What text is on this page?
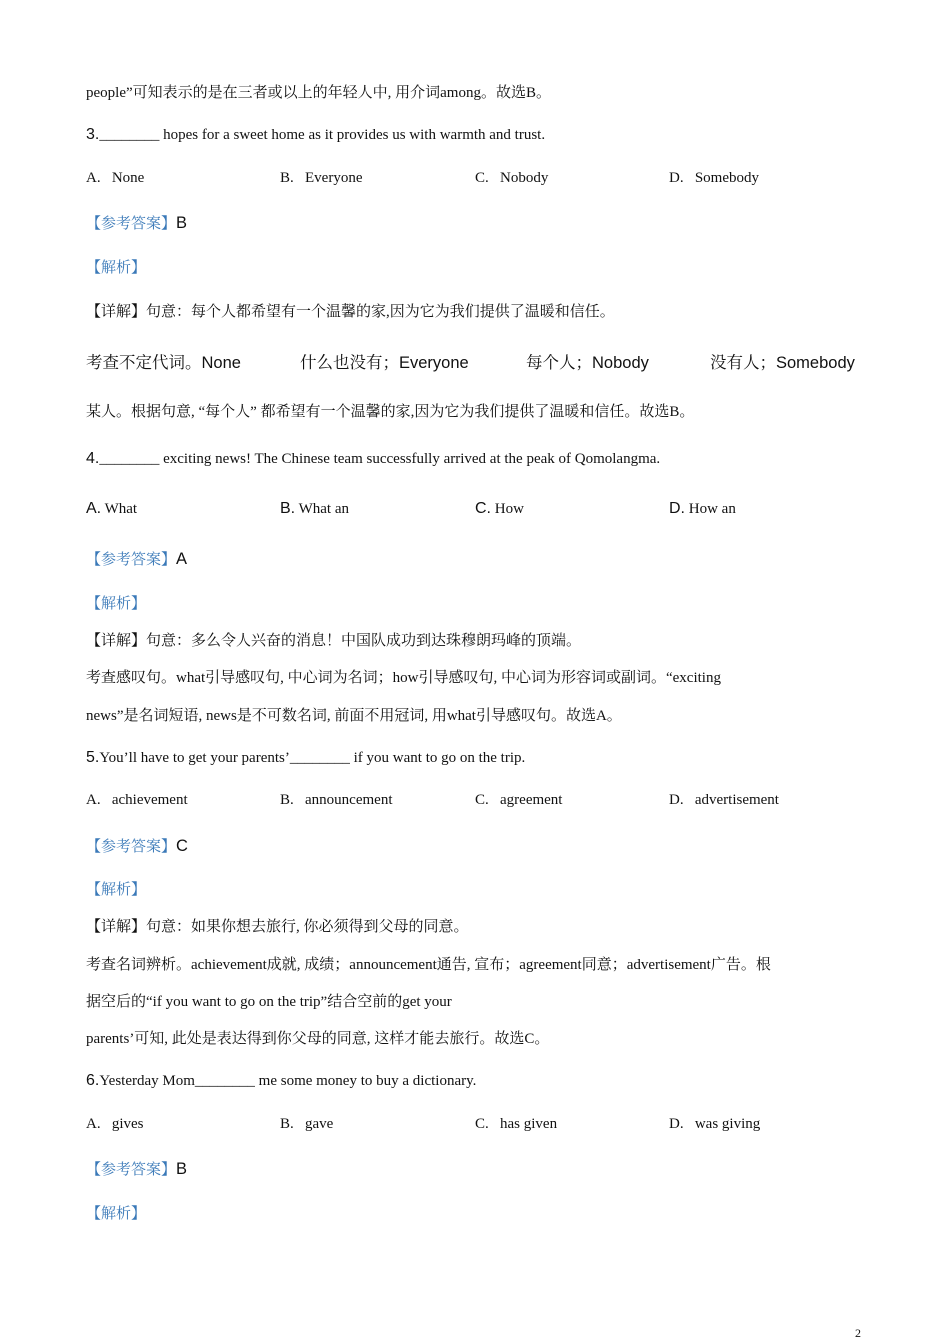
people”可知表示的是在三者或以上的年轻人中, 用介词among。故选B。
3.________ hopes for a sweet home as it provides us with warmth and trust.
A. None	B. Everyone	C. Nobody	D. Somebody
【参考答案】B
【解析】
【详解】句意：每个人都希望有一个温馨的家,因为它为我们提供了温暖和信任。
考查不定代词。None	什么也没有；Everyone	每个人；Nobody	没有人；Somebody
某人。根据句意, “每个人” 都希望有一个温馨的家,因为它为我们提供了温暖和信任。故选B。
4.________ exciting news! The Chinese team successfully arrived at the peak of Qomolangma.
A. What	B. What an	C. How	D. How an
【参考答案】A
【解析】
【详解】句意：多么令人兴奋的消息！中国队成功到达珠穆朗玛峰的顶端。
考查感叹句。what引导感叹句, 中心词为名词；how引导感叹句, 中心词为形容词或副词。“exciting
news”是名词短语, news是不可数名词, 前面不用冠词, 用what引导感叹句。故选A。
5.You’ll have to get your parents’________ if you want to go on the trip.
A. achievement	B. announcement	C. agreement	D. advertisement
【参考答案】C
【解析】
【详解】句意：如果你想去旅行, 你必须得到父母的同意。
考查名词辨析。achievement成就, 成绩；announcement通告, 宣布；agreement同意；advertisement广告。根
据空后的“if you want to go on the trip”结合空前的get your
parents’可知, 此处是表达得到你父母的同意, 这样才能去旅行。故选C。
6.Yesterday Mom________ me some money to buy a dictionary.
A. gives	B. gave	C. has given	D. was giving
【参考答案】B
【解析】
2
